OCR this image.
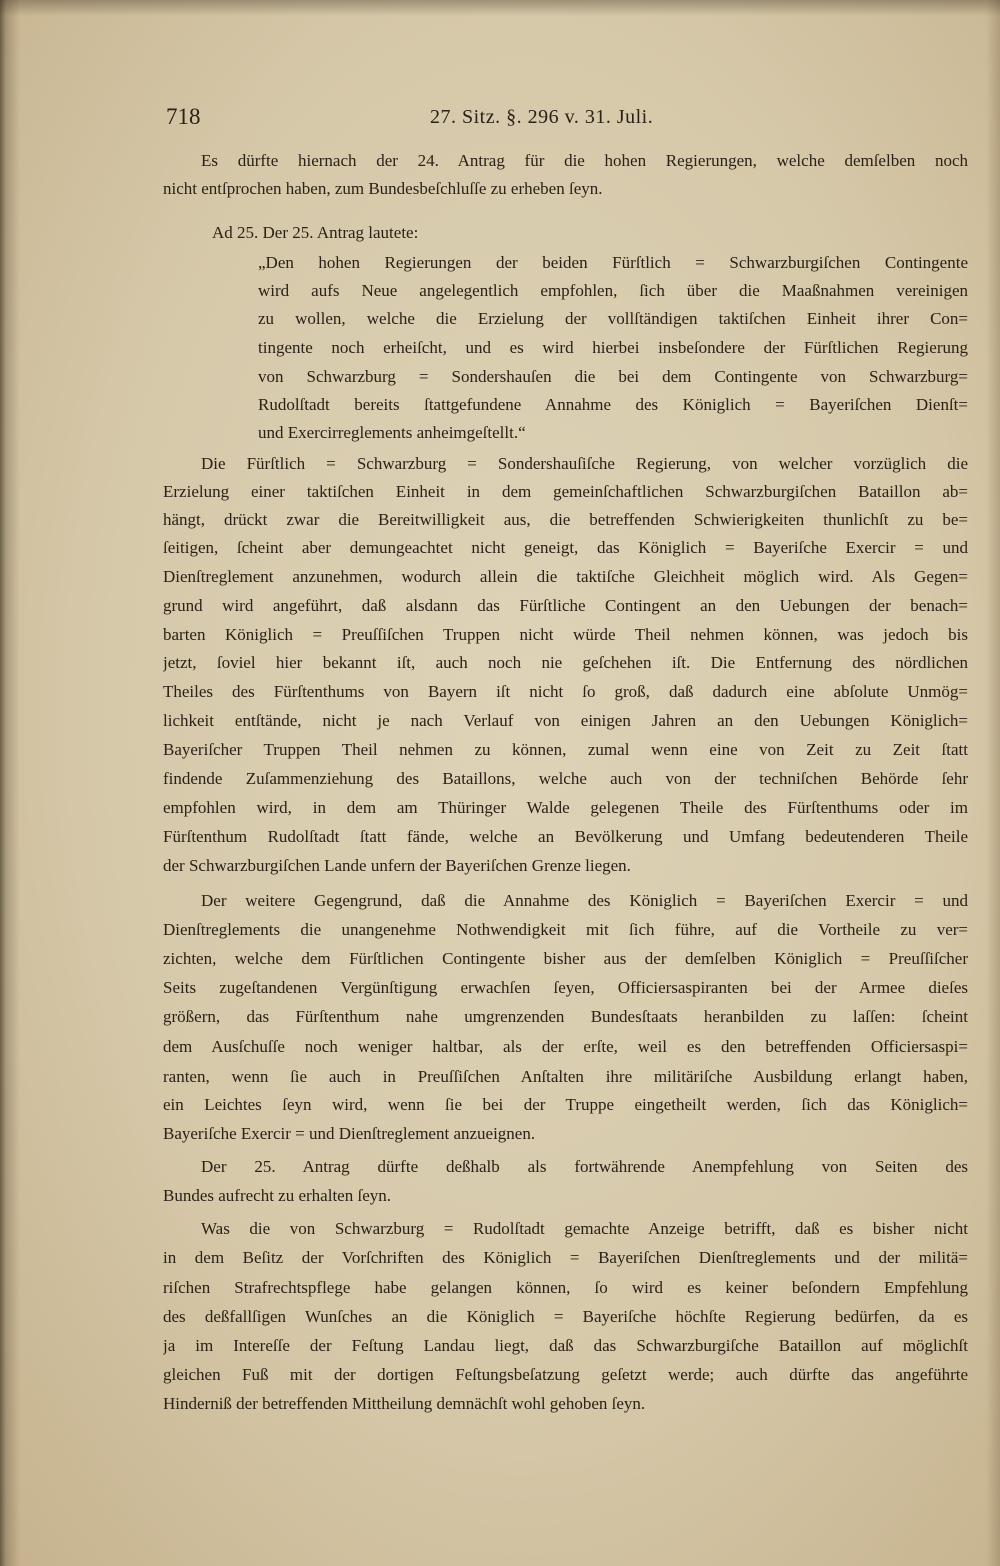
718	27. Sitz. §. 296 v. 31. Juli.
Es dürfte hiernach der 24. Antrag für die hohen Regierungen, welche demſelben noch
nicht entſprochen haben, zum Bundesbeſchluſſe zu erheben ſeyn.
Ad 25. Der 25. Antrag lautete:
„Den hohen Regierungen der beiden Fürſtlich = Schwarzburgiſchen Contingente
wird aufs Neue angelegentlich empfohlen, ſich über die Maaßnahmen vereinigen
zu wollen, welche die Erzielung der vollſtändigen taktiſchen Einheit ihrer Con=
tingente noch erheiſcht, und es wird hierbei insbeſondere der Fürſtlichen Regierung
von Schwarzburg = Sondershauſen die bei dem Contingente von Schwarzburg=
Rudolſtadt bereits ſtattgefundene Annahme des Königlich = Bayeriſchen Dienſt=
und Exercirreglements anheimgeſtellt.“
Die Fürſtlich = Schwarzburg = Sondershauſiſche Regierung, von welcher vorzüglich die
Erzielung einer taktiſchen Einheit in dem gemeinſchaftlichen Schwarzburgiſchen Bataillon ab=
hängt, drückt zwar die Bereitwilligkeit aus, die betreffenden Schwierigkeiten thunlichſt zu be=
ſeitigen, ſcheint aber demungeachtet nicht geneigt, das Königlich = Bayeriſche Exercir = und
Dienſtreglement anzunehmen, wodurch allein die taktiſche Gleichheit möglich wird. Als Gegen=
grund wird angeführt, daß alsdann das Fürſtliche Contingent an den Uebungen der benach=
barten Königlich = Preuſſiſchen Truppen nicht würde Theil nehmen können, was jedoch bis
jetzt, ſoviel hier bekannt iſt, auch noch nie geſchehen iſt. Die Entfernung des nördlichen
Theiles des Fürſtenthums von Bayern iſt nicht ſo groß, daß dadurch eine abſolute Unmög=
lichkeit entſtände, nicht je nach Verlauf von einigen Jahren an den Uebungen Königlich=
Bayeriſcher Truppen Theil nehmen zu können, zumal wenn eine von Zeit zu Zeit ſtatt
findende Zuſammenziehung des Bataillons, welche auch von der techniſchen Behörde ſehr
empfohlen wird, in dem am Thüringer Walde gelegenen Theile des Fürſtenthums oder im
Fürſtenthum Rudolſtadt ſtatt fände, welche an Bevölkerung und Umfang bedeutenderen Theile
der Schwarzburgiſchen Lande unfern der Bayeriſchen Grenze liegen.
Der weitere Gegengrund, daß die Annahme des Königlich = Bayeriſchen Exercir = und
Dienſtreglements die unangenehme Nothwendigkeit mit ſich führe, auf die Vortheile zu ver=
zichten, welche dem Fürſtlichen Contingente bisher aus der demſelben Königlich = Preuſſiſcher
Seits zugeſtandenen Vergünſtigung erwachſen ſeyen, Officiersaspiranten bei der Armee dieſes
größern, das Fürſtenthum nahe umgrenzenden Bundesſtaats heranbilden zu laſſen: ſcheint
dem Ausſchuſſe noch weniger haltbar, als der erſte, weil es den betreffenden Officiersaspi=
ranten, wenn ſie auch in Preuſſiſchen Anſtalten ihre militäriſche Ausbildung erlangt haben,
ein Leichtes ſeyn wird, wenn ſie bei der Truppe eingetheilt werden, ſich das Königlich=
Bayeriſche Exercir = und Dienſtreglement anzueignen.
Der 25. Antrag dürfte deßhalb als fortwährende Anempfehlung von Seiten des
Bundes aufrecht zu erhalten ſeyn.
Was die von Schwarzburg = Rudolſtadt gemachte Anzeige betrifft, daß es bisher nicht
in dem Beſitz der Vorſchriften des Königlich = Bayeriſchen Dienſtreglements und der militä=
riſchen Strafrechtspflege habe gelangen können, ſo wird es keiner beſondern Empfehlung
des deßfallſigen Wunſches an die Königlich = Bayeriſche höchſte Regierung bedürfen, da es
ja im Intereſſe der Feſtung Landau liegt, daß das Schwarzburgiſche Bataillon auf möglichſt
gleichen Fuß mit der dortigen Feſtungsbeſatzung geſetzt werde; auch dürfte das angeführte
Hinderniß der betreffenden Mittheilung demnächſt wohl gehoben ſeyn.
